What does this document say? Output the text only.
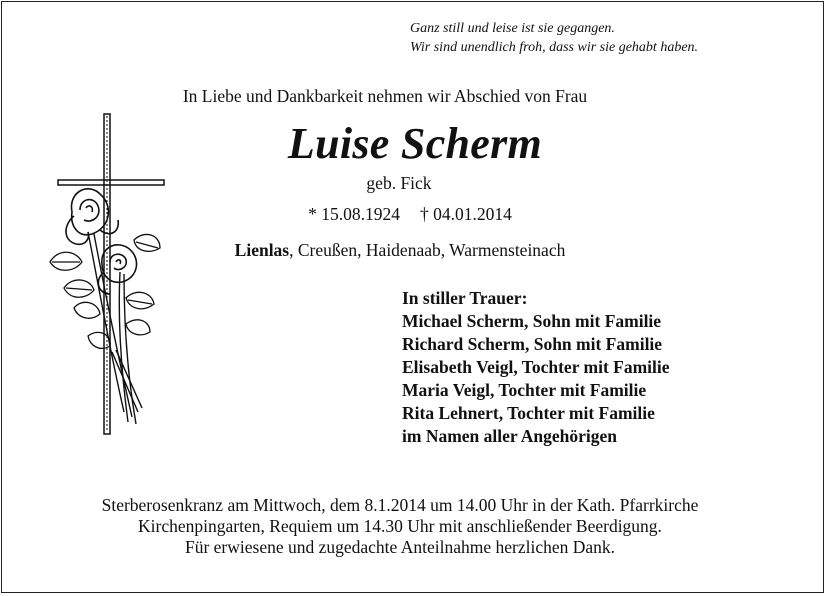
Ganz still und leise ist sie gegangen.
Wir sind unendlich froh, dass wir sie gehabt haben.
In Liebe und Dankbarkeit nehmen wir Abschied von Frau
Luise Scherm
geb. Fick
* 15.08.1924 † 04.01.2014
Lienlas, Creußen, Haidenaab, Warmensteinach
In stiller Trauer:
Michael Scherm, Sohn mit Familie
Richard Scherm, Sohn mit Familie
Elisabeth Veigl, Tochter mit Familie
Maria Veigl, Tochter mit Familie
Rita Lehnert, Tochter mit Familie
im Namen aller Angehörigen
Sterberosenkranz am Mittwoch, dem 8.1.2014 um 14.00 Uhr in der Kath. Pfarrkirche
Kirchenpingarten, Requiem um 14.30 Uhr mit anschließender Beerdigung.
Für erwiesene und zugedachte Anteilnahme herzlichen Dank.
